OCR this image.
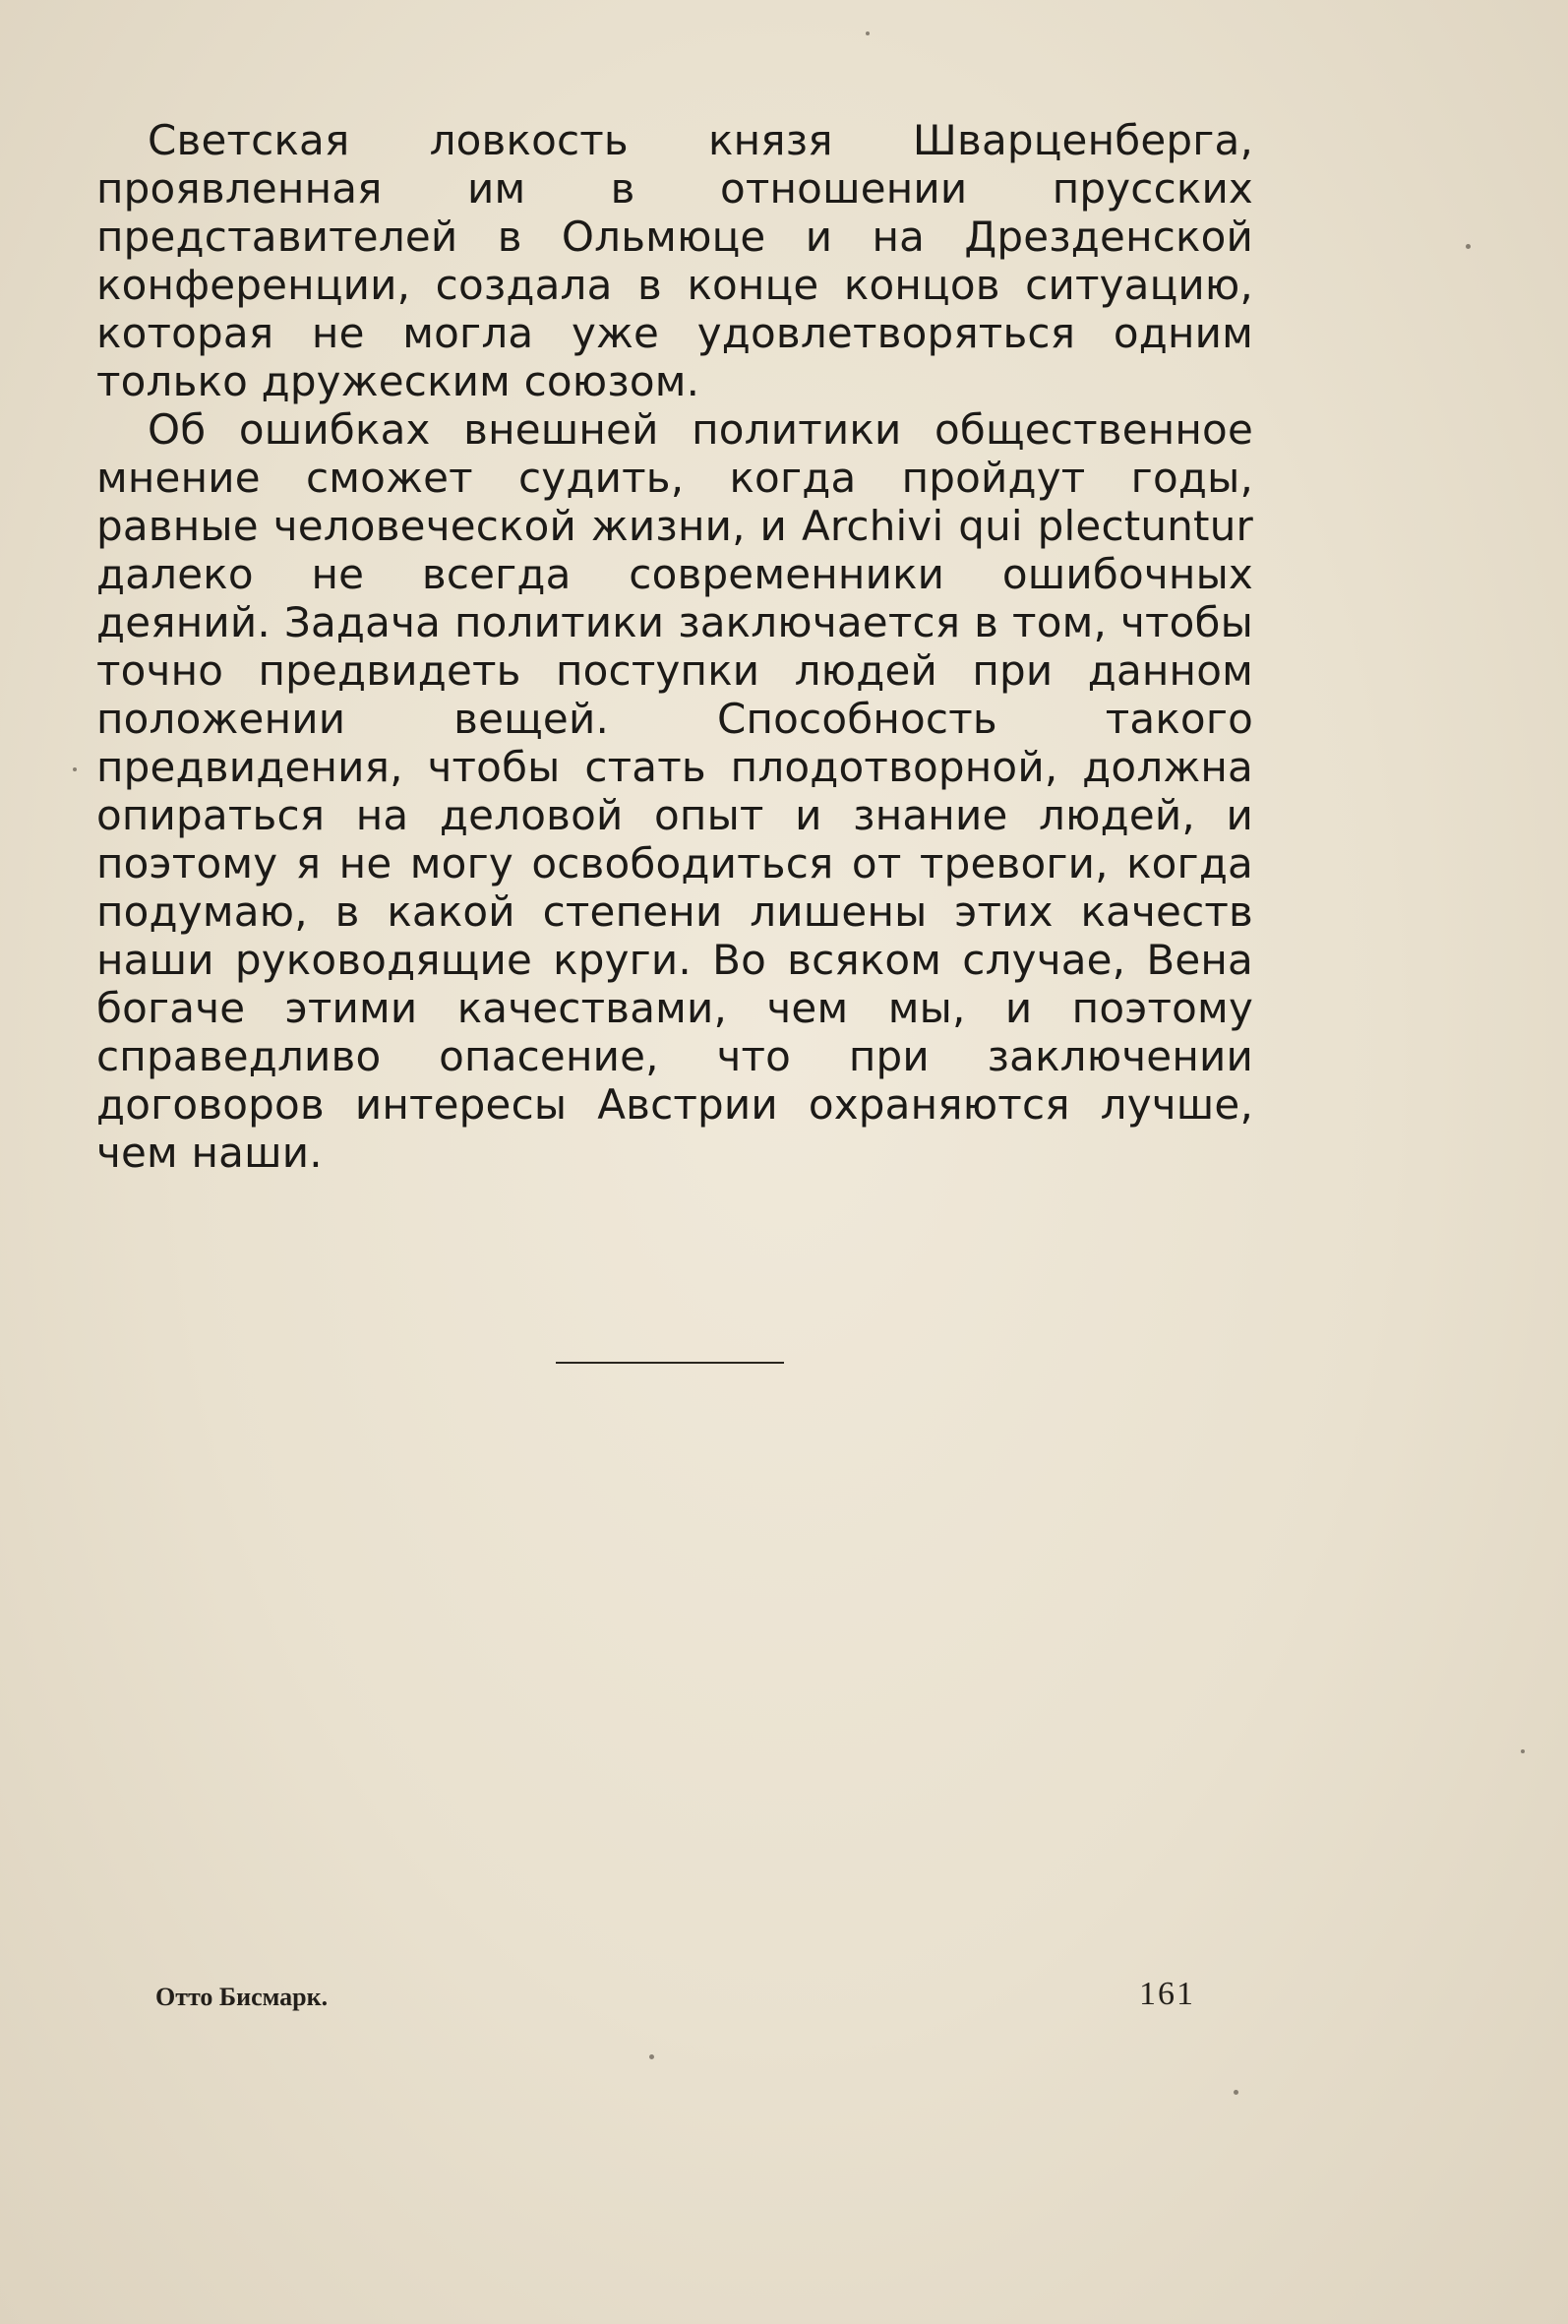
Светская ловкость князя Шварценберга, проявленная им в отношении прусских представителей в Ольмюце и на Дрезденской конференции, создала в конце концов ситуацию, которая не могла уже удовлетворяться одним только дружеским союзом.

Об ошибках внешней политики общественное мнение сможет судить, когда пройдут годы, равные человеческой жизни, и Archivi qui plectuntur далеко не всегда современники ошибочных деяний. Задача политики заключается в том, чтобы точно предвидеть поступки людей при данном положении вещей. Способность такого предвидения, чтобы стать плодотворной, должна опираться на деловой опыт и знание людей, и поэтому я не могу освободиться от тревоги, когда подумаю, в какой степени лишены этих качеств наши руководящие круги. Во всяком случае, Вена богаче этими качествами, чем мы, и поэтому справедливо опасение, что при заключении договоров интересы Австрии охраняются лучше, чем наши.

Отто Бисмарк.	161
